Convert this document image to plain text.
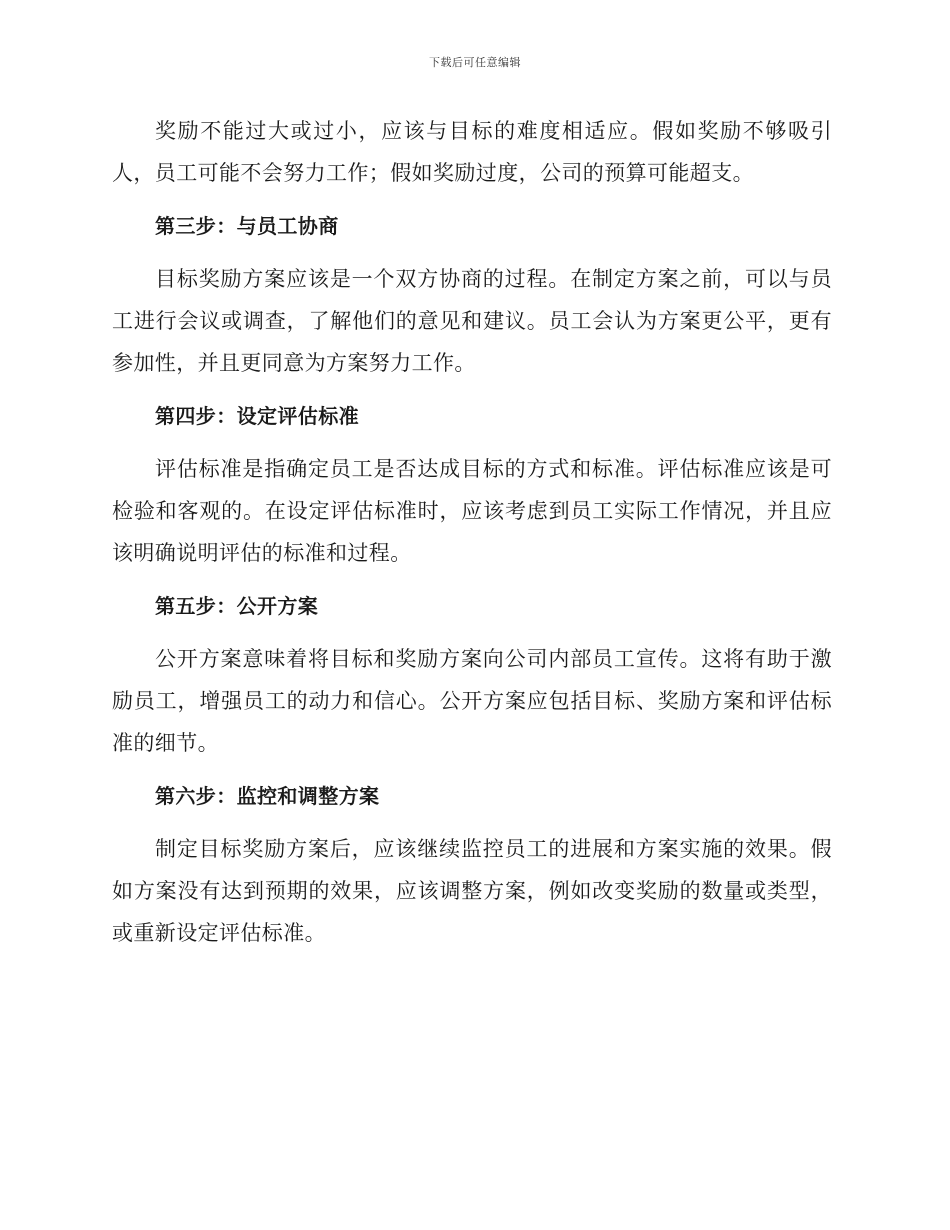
下载后可任意编辑

奖励不能过大或过小，应该与目标的难度相适应。假如奖励不够吸引人，员工可能不会努力工作；假如奖励过度，公司的预算可能超支。

第三步：与员工协商

目标奖励方案应该是一个双方协商的过程。在制定方案之前，可以与员工进行会议或调查，了解他们的意见和建议。员工会认为方案更公平，更有参加性，并且更同意为方案努力工作。

第四步：设定评估标准

评估标准是指确定员工是否达成目标的方式和标准。评估标准应该是可检验和客观的。在设定评估标准时，应该考虑到员工实际工作情况，并且应该明确说明评估的标准和过程。

第五步：公开方案

公开方案意味着将目标和奖励方案向公司内部员工宣传。这将有助于激励员工，增强员工的动力和信心。公开方案应包括目标、奖励方案和评估标准的细节。

第六步：监控和调整方案

制定目标奖励方案后，应该继续监控员工的进展和方案实施的效果。假如方案没有达到预期的效果，应该调整方案，例如改变奖励的数量或类型，或重新设定评估标准。
